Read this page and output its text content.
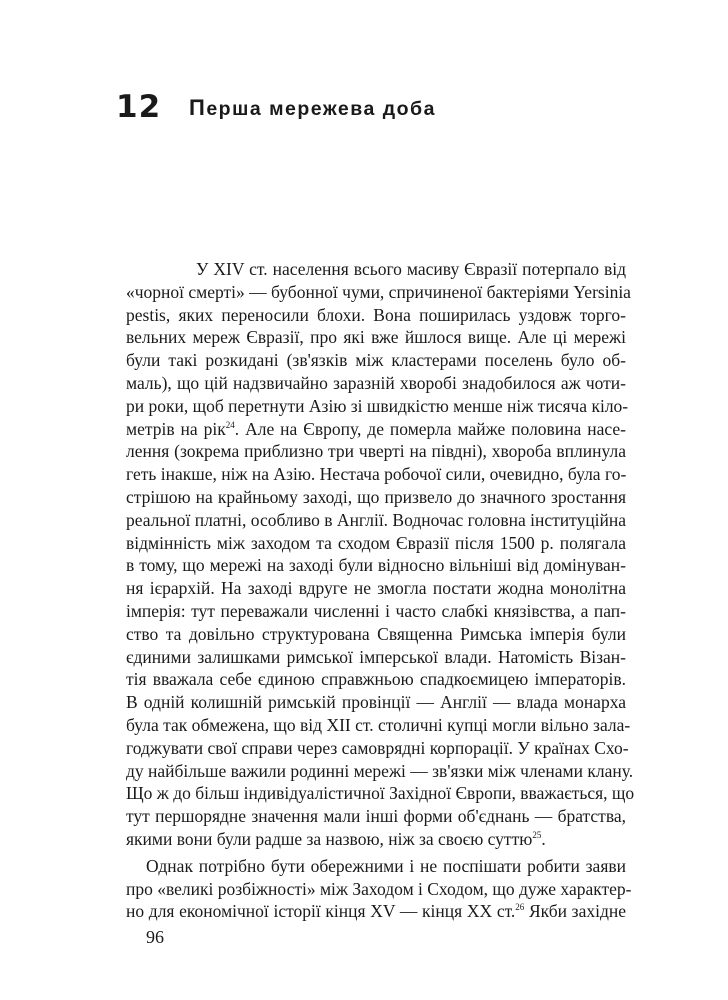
12 Перша мережева доба
У XIV ст. населення всього масиву Євразії потерпало від
«чорної смерті» — бубонної чуми, спричиненої бактеріями Yersinia
pestis, яких переносили блохи. Вона поширилась уздовж торго-
вельних мереж Євразії, про які вже йшлося вище. Але ці мережі
були такі розкидані (зв'язків між кластерами поселень було об-
маль), що цій надзвичайно заразній хворобі знадобилося аж чоти-
ри роки, щоб перетнути Азію зі швидкістю менше ніж тисяча кіло-
метрів на рік$^{24}$. Але на Європу, де померла майже половина насе-
лення (зокрема приблизно три чверті на півдні), хвороба вплинула
геть інакше, ніж на Азію. Нестача робочої сили, очевидно, була го-
стрішою на крайньому заході, що призвело до значного зростання
реальної платні, особливо в Англії. Водночас головна інституційна
відмінність між заходом та сходом Євразії після 1500 р. полягала
в тому, що мережі на заході були відносно вільніші від домінуван-
ня ієрархій. На заході вдруге не змогла постати жодна монолітна
імперія: тут переважали численні і часто слабкі князівства, а пап-
ство та довільно структурована Священна Римська імперія були
єдиними залишками римської імперської влади. Натомість Візан-
тія вважала себе єдиною справжньою спадкоємицею імператорів.
В одній колишній римській провінції — Англії — влада монарха
була так обмежена, що від XII ст. столичні купці могли вільно зала-
годжувати свої справи через самоврядні корпорації. У країнах Схо-
ду найбільше важили родинні мережі — зв'язки між членами клану.
Що ж до більш індивідуалістичної Західної Європи, вважається, що
тут першорядне значення мали інші форми об'єднань — братства,
якими вони були радше за назвою, ніж за своєю суттю$^{25}$.
Однак потрібно бути обережними і не поспішати робити заяви
про «великі розбіжності» між Заходом і Сходом, що дуже характер-
но для економічної історії кінця XV — кінця XX ст.$^{26}$ Якби західне
96
